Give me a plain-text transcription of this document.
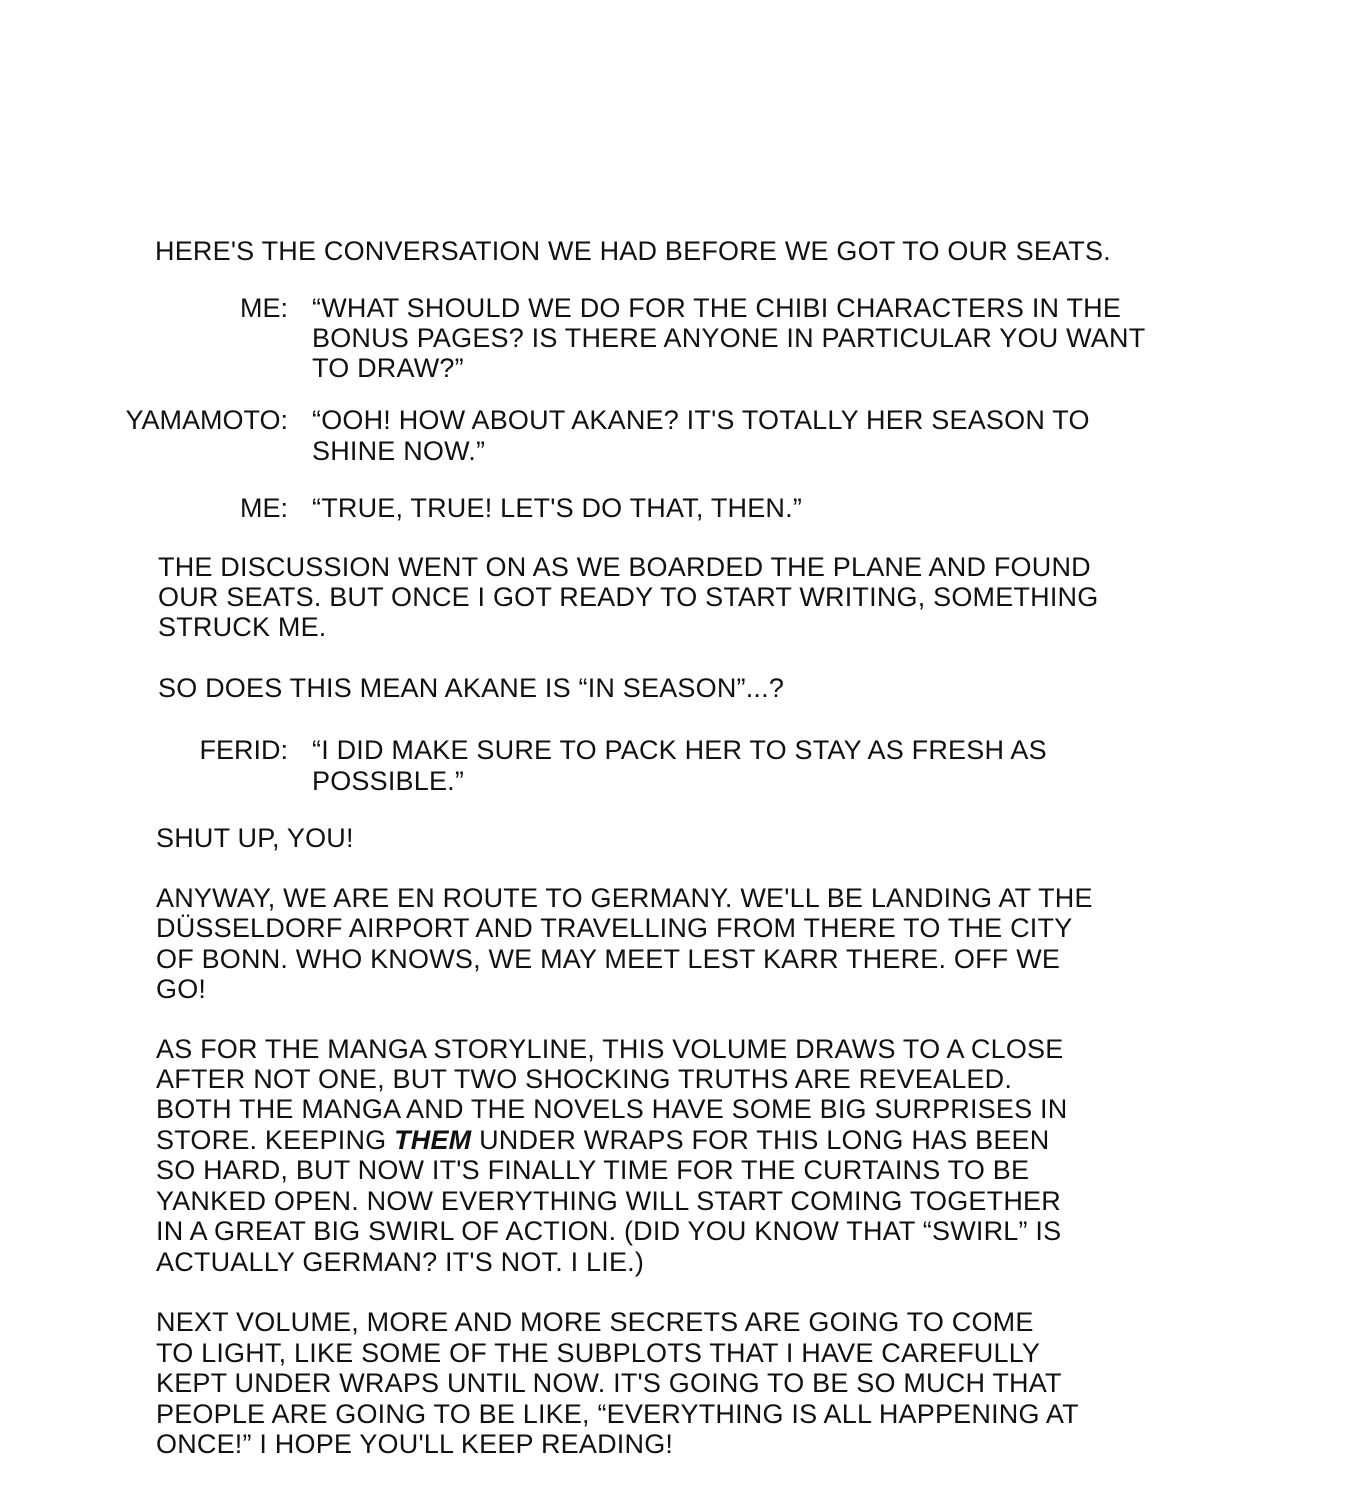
HERE'S THE CONVERSATION WE HAD BEFORE WE GOT TO OUR SEATS.
ME: “WHAT SHOULD WE DO FOR THE CHIBI CHARACTERS IN THE
BONUS PAGES? IS THERE ANYONE IN PARTICULAR YOU WANT
TO DRAW?”
YAMAMOTO: “OOH! HOW ABOUT AKANE? IT'S TOTALLY HER SEASON TO
SHINE NOW.”
ME: “TRUE, TRUE! LET'S DO THAT, THEN.”
THE DISCUSSION WENT ON AS WE BOARDED THE PLANE AND FOUND
OUR SEATS. BUT ONCE I GOT READY TO START WRITING, SOMETHING
STRUCK ME.
SO DOES THIS MEAN AKANE IS “IN SEASON”...?
FERID: “I DID MAKE SURE TO PACK HER TO STAY AS FRESH AS
POSSIBLE.”
SHUT UP, YOU!
ANYWAY, WE ARE EN ROUTE TO GERMANY. WE'LL BE LANDING AT THE
DÜSSELDORF AIRPORT AND TRAVELLING FROM THERE TO THE CITY
OF BONN. WHO KNOWS, WE MAY MEET LEST KARR THERE. OFF WE
GO!
AS FOR THE MANGA STORYLINE, THIS VOLUME DRAWS TO A CLOSE
AFTER NOT ONE, BUT TWO SHOCKING TRUTHS ARE REVEALED.
BOTH THE MANGA AND THE NOVELS HAVE SOME BIG SURPRISES IN
STORE. KEEPING THEM UNDER WRAPS FOR THIS LONG HAS BEEN
SO HARD, BUT NOW IT'S FINALLY TIME FOR THE CURTAINS TO BE
YANKED OPEN. NOW EVERYTHING WILL START COMING TOGETHER
IN A GREAT BIG SWIRL OF ACTION. (DID YOU KNOW THAT “SWIRL” IS
ACTUALLY GERMAN? IT'S NOT. I LIE.)
NEXT VOLUME, MORE AND MORE SECRETS ARE GOING TO COME
TO LIGHT, LIKE SOME OF THE SUBPLOTS THAT I HAVE CAREFULLY
KEPT UNDER WRAPS UNTIL NOW. IT'S GOING TO BE SO MUCH THAT
PEOPLE ARE GOING TO BE LIKE, “EVERYTHING IS ALL HAPPENING AT
ONCE!” I HOPE YOU'LL KEEP READING!
